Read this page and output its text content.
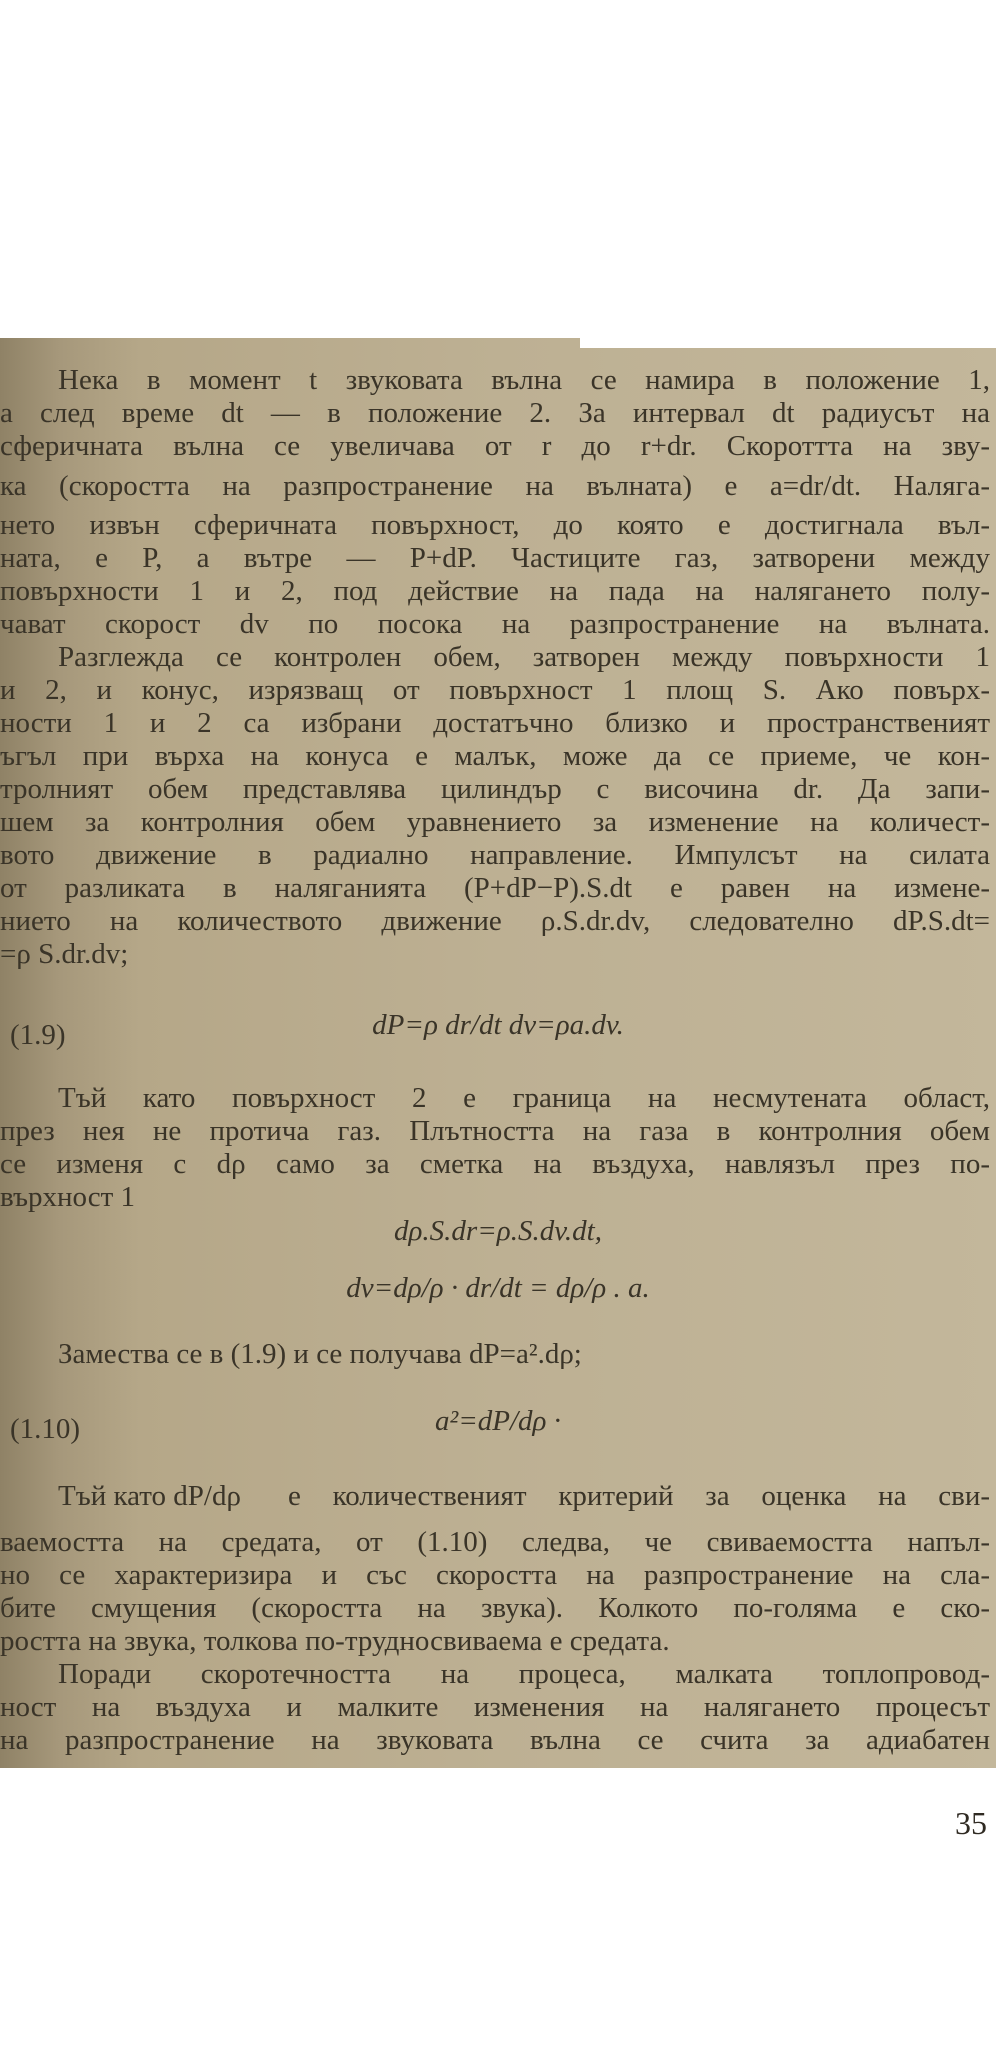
Нека в момент t звуковата вълна се намира в положение 1,

а след време dt — в положение 2. За интервал dt радиусът на

сферичната вълна се увеличава от r до r+dr. Скороттта на зву-

ка (скоростта на разпространение на вълната) е a=dr/dt. Налягa-

нето извън сферичната повърхност, до която е достигнала въл-

ната, е P, а вътре — P+dP. Частиците газ, затворени между

повърхности 1 и 2, под действие на пада на налягането полу-

чават скорост dv по посока на разпространение на вълната.

Разглежда се контролен обем, затворен между повърхности 1

и 2, и конус, изрязващ от повърхност 1 площ S. Ако повърх-

ности 1 и 2 са избрани достатъчно близко и пространственият

ъгъл при върха на конуса е малък, може да се приеме, че кон-

тролният обем представлява цилиндър с височина dr. Да запи-

шем за контролния обем уравнението за изменение на количест-

вото движение в радиално направление. Импулсът на силата

от разликата в наляганията (P+dP−P).S.dt е равен на измене-

нието на количеството движение ρ.S.dr.dv, следователно dP.S.dt=

=ρ S.dr.dv;

(1.9)	dP=ρ dr/dt dv=ρa.dv.

Тъй като повърхност 2 е граница на несмутената област,

през нея не протича газ. Плътността на газа в контролния обем

се изменя с dρ само за сметка на въздуха, навлязъл през по-

върхност 1

dρ.S.dr=ρ.S.dv.dt,

dv=dρ/ρ · dr/dt = dρ/ρ . a.

Замества се в (1.9) и се получава dP=a².dρ;

(1.10)	a²=dP/dρ ·

Тъй като dP/dρ	е количественият критерий за оценка на сви-

ваемостта на средата, от (1.10) следва, че свиваемостта напъл-

но се характеризира и със скоростта на разпространение на сла-

бите смущения (скоростта на звука). Колкото по-голяма е ско-

ростта на звука, толкова по-трудносвиваема е средата.

Поради скоротечността на процеса, малката топлопровод-

ност на въздуха и малките изменения на налягането процесът

на разпространение на звуковата вълна се счита за адиабатен

35
